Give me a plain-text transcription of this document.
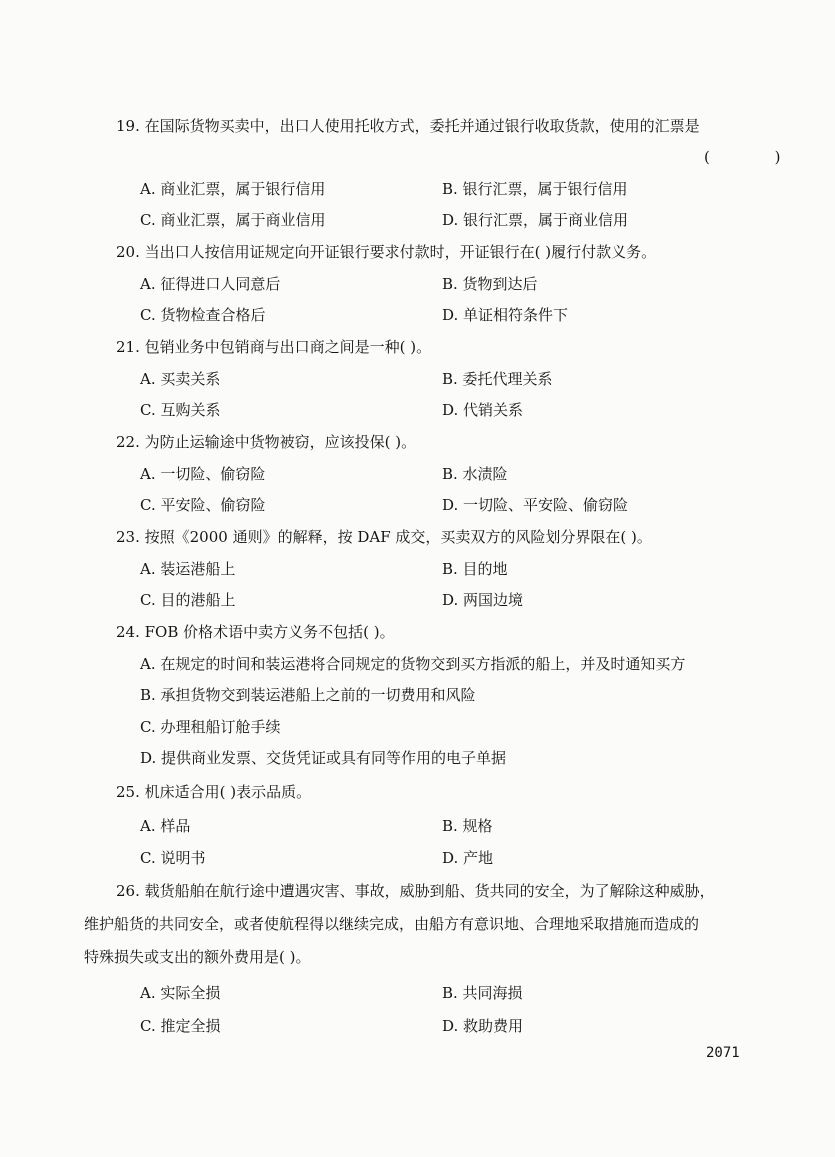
19. 在国际货物买卖中，出口人使用托收方式，委托并通过银行收取货款，使用的汇票是
( )
A. 商业汇票，属于银行信用	B. 银行汇票，属于银行信用
C. 商业汇票，属于商业信用	D. 银行汇票，属于商业信用
20. 当出口人按信用证规定向开证银行要求付款时，开证银行在( )履行付款义务。
A. 征得进口人同意后	B. 货物到达后
C. 货物检查合格后	D. 单证相符条件下
21. 包销业务中包销商与出口商之间是一种( )。
A. 买卖关系	B. 委托代理关系
C. 互购关系	D. 代销关系
22. 为防止运输途中货物被窃，应该投保( )。
A. 一切险、偷窃险	B. 水渍险
C. 平安险、偷窃险	D. 一切险、平安险、偷窃险
23. 按照《2000 通则》的解释，按 DAF 成交，买卖双方的风险划分界限在( )。
A. 装运港船上	B. 目的地
C. 目的港船上	D. 两国边境
24. FOB 价格术语中卖方义务不包括( )。
A. 在规定的时间和装运港将合同规定的货物交到买方指派的船上，并及时通知买方
B. 承担货物交到装运港船上之前的一切费用和风险
C. 办理租船订舱手续
D. 提供商业发票、交货凭证或具有同等作用的电子单据
25. 机床适合用( )表示品质。
A. 样品	B. 规格
C. 说明书	D. 产地
26. 载货船舶在航行途中遭遇灾害、事故，威胁到船、货共同的安全，为了解除这种威胁，
维护船货的共同安全，或者使航程得以继续完成，由船方有意识地、合理地采取措施而造成的
特殊损失或支出的额外费用是( )。
A. 实际全损	B. 共同海损
C. 推定全损	D. 救助费用
2071
